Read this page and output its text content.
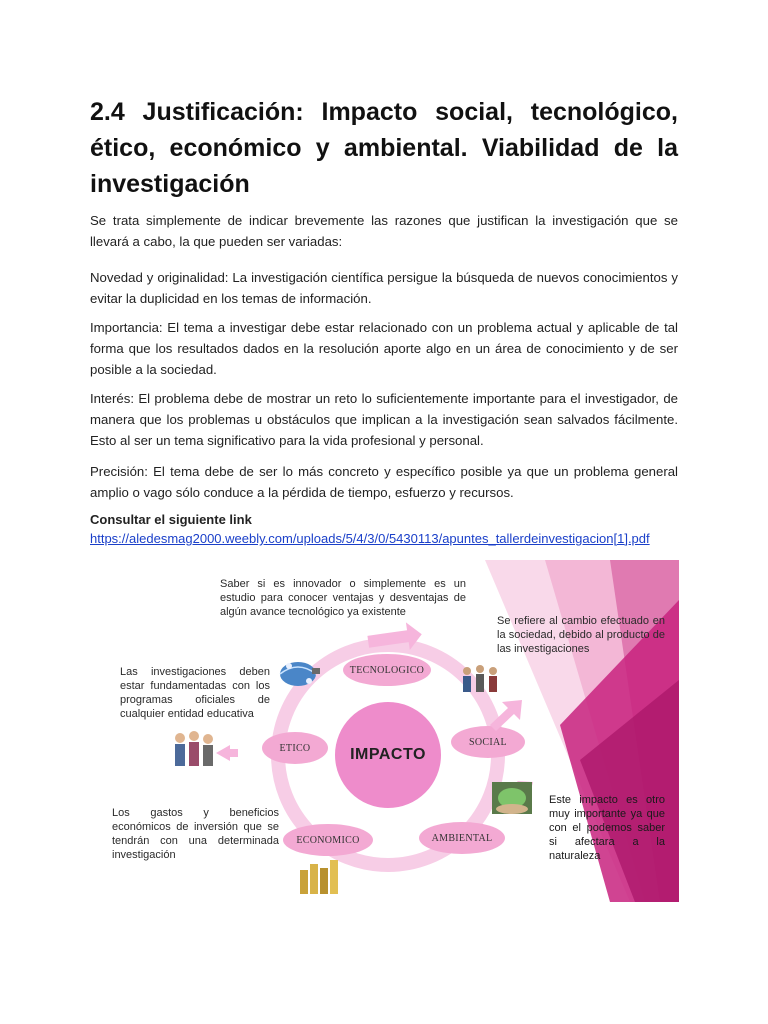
2.4 Justificación: Impacto social, tecnológico, ético, económico y ambiental. Viabilidad de la investigación

Se trata simplemente de indicar brevemente las razones que justifican la investigación que se llevará a cabo, la que pueden ser variadas:

Novedad y originalidad: La investigación científica persigue la búsqueda de nuevos conocimientos y evitar la duplicidad en los temas de información.

Importancia: El tema a investigar debe estar relacionado con un problema actual y aplicable de tal forma que los resultados dados en la resolución aporte algo en un área de conocimiento y de ser posible a la sociedad.

Interés: El problema debe de mostrar un reto lo suficientemente importante para el investigador, de manera que los problemas u obstáculos que implican a la investigación sean salvados fácilmente. Esto al ser un tema significativo para la vida profesional y personal.

Precisión: El tema debe de ser lo más concreto y específico posible ya que un problema general amplio o vago sólo conduce a la pérdida de tiempo, esfuerzo y recursos.

Consultar el siguiente link
https://aledesmag2000.weebly.com/uploads/5/4/3/0/5430113/apuntes_tallerdeinvestigacion[1].pdf
IMPACTO
TECNOLOGICO
SOCIAL
AMBIENTAL
ECONOMICO
ETICO
Saber si es innovador o simplemente es un estudio para conocer ventajas y desventajas de algún avance tecnológico ya existente
Se refiere al cambio efectuado en la sociedad, debido al producto de las investigaciones
Este impacto es otro muy importante ya que con el podemos saber si afectara a la naturaleza
Los gastos y beneficios económicos de inversión que se tendrán con una determinada investigación
Las investigaciones deben estar fundamentadas con los programas oficiales de cualquier entidad educativa
